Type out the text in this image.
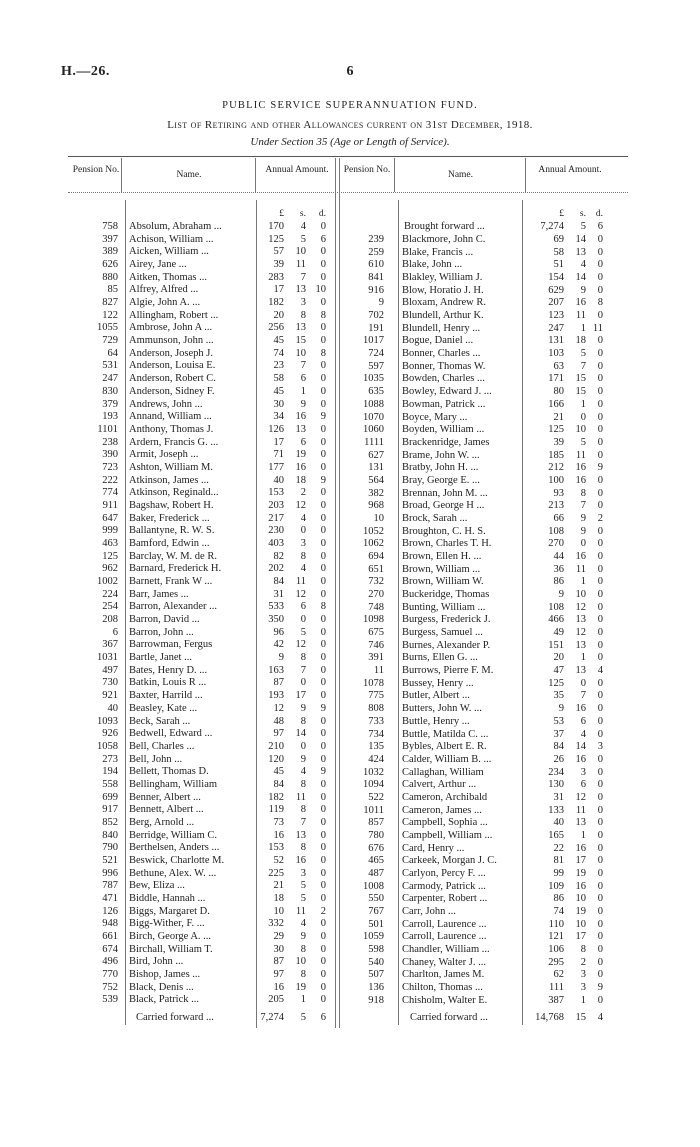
H.—26.	6
PUBLIC SERVICE SUPERANNUATION FUND.
List of Retiring and other Allowances current on 31st December, 1918.
Under Section 35 (Age or Length of Service).
Pension No.	Name.	Annual Amount.	Pension No.	Name.	Annual Amount.
£	s.	d.	£	s.	d.
758 Absolum, Abraham ...	170	4	0
397 Achison, William ...	125	5	6
389 Aicken, William ...	57	10	0
626 Airey, Jane ...	39	11	0
880 Aitken, Thomas ...	283	7	0
85 Alfrey, Alfred ...	17	13 10
827 Algie, John A. ...	182	3	0
122 Allingham, Robert ...	20	8	8
1055 Ambrose, John A ...	256	13	0
729 Ammunson, John ...	45	15	0
64 Anderson, Joseph J.	74	10	8
531 Anderson, Louisa E.	23	7	0
247 Anderson, Robert C.	58	6	0
830 Anderson, Sidney F.	45	1	0
379 Andrews, John ...	30	9	0
193 Annand, William ...	34	16	9
1101 Anthony, Thomas J.	126	13	0
238 Ardern, Francis G. ...	17	6	0
390 Armit, Joseph ...	71	19	0
723 Ashton, William M.	177	16	0
222 Atkinson, James ...	40	18	9
774 Atkinson, Reginald...	153	2	0
911 Bagshaw, Robert H.	203	12	0
647 Baker, Frederick ...	217	4	0
999 Ballantyne, R. W. S.	230	0	0
463 Bamford, Edwin ...	403	3	0
125 Barclay, W. M. de R.	82	8	0
962 Barnard, Frederick H.	202	4	0
1002 Barnett, Frank W ...	84	11	0
224 Barr, James ...	31	12	0
254 Barron, Alexander ...	533	6	8
208 Barron, David ...	350	0	0
6 Barron, John ...	96	5	0
367 Barrowman, Fergus	42	12	0
1031 Bartle, Janet ...	9	8	0
497 Bates, Henry D. ...	163	7	0
730 Batkin, Louis R ...	87	0	0
921 Baxter, Harrild ...	193	17	0
40 Beasley, Kate ...	12	9	9
1093 Beck, Sarah ...	48	8	0
926 Bedwell, Edward ...	97	14	0
1058 Bell, Charles ...	210	0	0
273 Bell, John ...	120	9	0
194 Bellett, Thomas D.	45	4	9
558 Bellingham, William	84	8	0
699 Benner, Albert ...	182	11	0
917 Bennett, Albert ...	119	8	0
852 Berg, Arnold ...	73	7	0
840 Berridge, William C.	16	13	0
790 Berthelsen, Anders ...	153	8	0
521 Beswick, Charlotte M.	52	16	0
996 Bethune, Alex. W. ...	225	3	0
787 Bew, Eliza ...	21	5	0
471 Biddle, Hannah ...	18	5	0
126 Biggs, Margaret D.	10	11	2
948 Bigg-Wither, F. ...	332	4	0
661 Birch, George A. ...	29	9	0
674 Birchall, William T.	30	8	0
496 Bird, John ...	87	10	0
770 Bishop, James ...	97	8	0
752 Black, Denis ...	16	19	0
539 Black, Patrick ...	205	1	0
239 Blackmore, John C.	69	14	0
259 Blake, Francis ...	58	13	0
610 Blake, John ...	51	4	0
841 Blakley, William J.	154	14	0
916 Blow, Horatio J. H.	629	9	0
9 Bloxam, Andrew R.	207	16	8
702 Blundell, Arthur K.	123	11	0
191 Blundell, Henry ...	247	1 11
1017 Bogue, Daniel ...	131	18	0
724 Bonner, Charles ...	103	5	0
597 Bonner, Thomas W.	63	7	0
1035 Bowden, Charles ...	171	15	0
635 Bowley, Edward J. ...	80	15	0
1088 Bowman, Patrick ...	166	1	0
1070 Boyce, Mary ...	21	0	0
1060 Boyden, William ...	125	10	0
1111 Brackenridge, James	39	5	0
627 Brame, John W. ...	185	11	0
131 Bratby, John H. ...	212	16	9
564 Bray, George E. ...	100	16	0
382 Brennan, John M. ...	93	8	0
968 Broad, George H ...	213	7	0
10 Brock, Sarah ...	66	9	2
1052 Broughton, C. H. S.	108	9	0
1062 Brown, Charles T. H.	270	0	0
694 Brown, Ellen H. ...	44	16	0
651 Brown, William ...	36	11	0
732 Brown, William W.	86	1	0
270 Buckeridge, Thomas	9	10	0
748 Bunting, William ...	108	12	0
1098 Burgess, Frederick J.	466	13	0
675 Burgess, Samuel ...	49	12	0
746 Burnes, Alexander P.	151	13	0
391 Burns, Ellen G. ...	20	1	0
11 Burrows, Pierre F. M.	47	13	4
1078 Bussey, Henry ...	125	0	0
775 Butler, Albert ...	35	7	0
808 Butters, John W. ...	9	16	0
733 Buttle, Henry ...	53	6	0
734 Buttle, Matilda C. ...	37	4	0
135 Bybles, Albert E. R.	84	14	3
424 Calder, William B. ...	26	16	0
1032 Callaghan, William	234	3	0
1094 Calvert, Arthur ...	130	6	0
522 Cameron, Archibald	31	12	0
1011 Cameron, James ...	133	11	0
857 Campbell, Sophia ...	40	13	0
780 Campbell, William ...	165	1	0
676 Card, Henry ...	22	16	0
465 Carkeek, Morgan J. C.	81	17	0
487 Carlyon, Percy F. ...	99	19	0
1008 Carmody, Patrick ...	109	16	0
550 Carpenter, Robert ...	86	10	0
767 Carr, John ...	74	19	0
501 Carroll, Laurence ...	110	10	0
1059 Carroll, Laurence ...	121	17	0
598 Chandler, William ...	106	8	0
540 Chaney, Walter J. ...	295	2	0
507 Charlton, James M.	62	3	0
136 Chilton, Thomas ...	111	3	9
918 Chisholm, Walter E.	387	1	0
Brought forward ...	7,274	5	6
Carried forward ...	7,274	5	6	Carried forward ...	14,768	15	4
